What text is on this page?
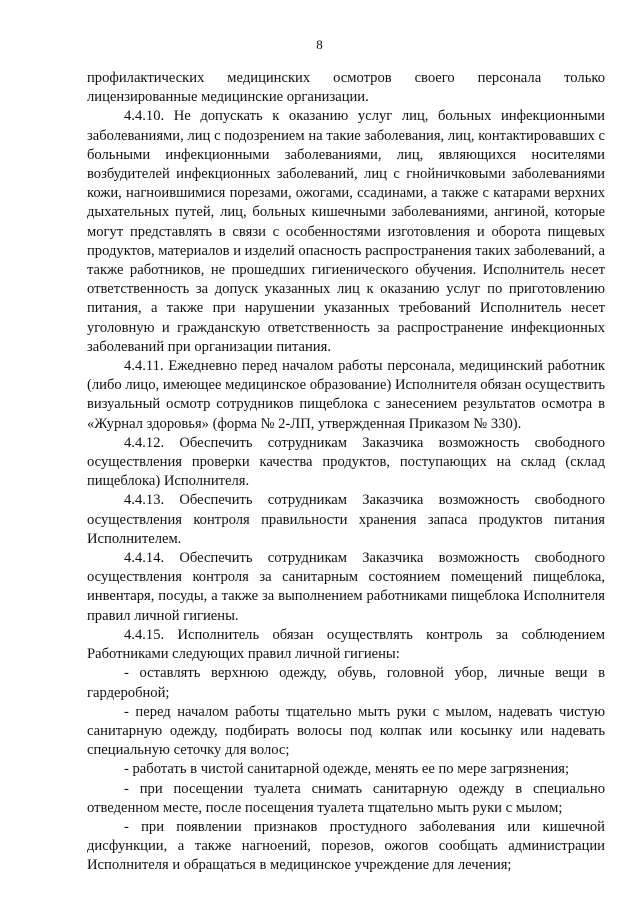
8

профилактических медицинских осмотров своего персонала только лицензированные медицинские организации.

4.4.10. Не допускать к оказанию услуг лиц, больных инфекционными заболеваниями, лиц с подозрением на такие заболевания, лиц, контактировавших с больными инфекционными заболеваниями, лиц, являющихся носителями возбудителей инфекционных заболеваний, лиц с гнойничковыми заболеваниями кожи, нагноившимися порезами, ожогами, ссадинами, а также с катарами верхних дыхательных путей, лиц, больных кишечными заболеваниями, ангиной, которые могут представлять в связи с особенностями изготовления и оборота пищевых продуктов, материалов и изделий опасность распространения таких заболеваний, а также работников, не прошедших гигиенического обучения. Исполнитель несет ответственность за допуск указанных лиц к оказанию услуг по приготовлению питания, а также при нарушении указанных требований Исполнитель несет уголовную и гражданскую ответственность за распространение инфекционных заболеваний при организации питания.

4.4.11. Ежедневно перед началом работы персонала, медицинский работник (либо лицо, имеющее медицинское образование) Исполнителя обязан осуществить визуальный осмотр сотрудников пищеблока с занесением результатов осмотра в «Журнал здоровья» (форма № 2-ЛП, утвержденная Приказом № 330).

4.4.12. Обеспечить сотрудникам Заказчика возможность свободного осуществления проверки качества продуктов, поступающих на склад (склад пищеблока) Исполнителя.

4.4.13. Обеспечить сотрудникам Заказчика возможность свободного осуществления контроля правильности хранения запаса продуктов питания Исполнителем.

4.4.14. Обеспечить сотрудникам Заказчика возможность свободного осуществления контроля за санитарным состоянием помещений пищеблока, инвентаря, посуды, а также за выполнением работниками пищеблока Исполнителя правил личной гигиены.

4.4.15. Исполнитель обязан осуществлять контроль за соблюдением Работниками следующих правил личной гигиены:

- оставлять верхнюю одежду, обувь, головной убор, личные вещи в гардеробной;

- перед началом работы тщательно мыть руки с мылом, надевать чистую санитарную одежду, подбирать волосы под колпак или косынку или надевать специальную сеточку для волос;

- работать в чистой санитарной одежде, менять ее по мере загрязнения;

- при посещении туалета снимать санитарную одежду в специально отведенном месте, после посещения туалета тщательно мыть руки с мылом;

- при появлении признаков простудного заболевания или кишечной дисфункции, а также нагноений, порезов, ожогов сообщать администрации Исполнителя и обращаться в медицинское учреждение для лечения;
